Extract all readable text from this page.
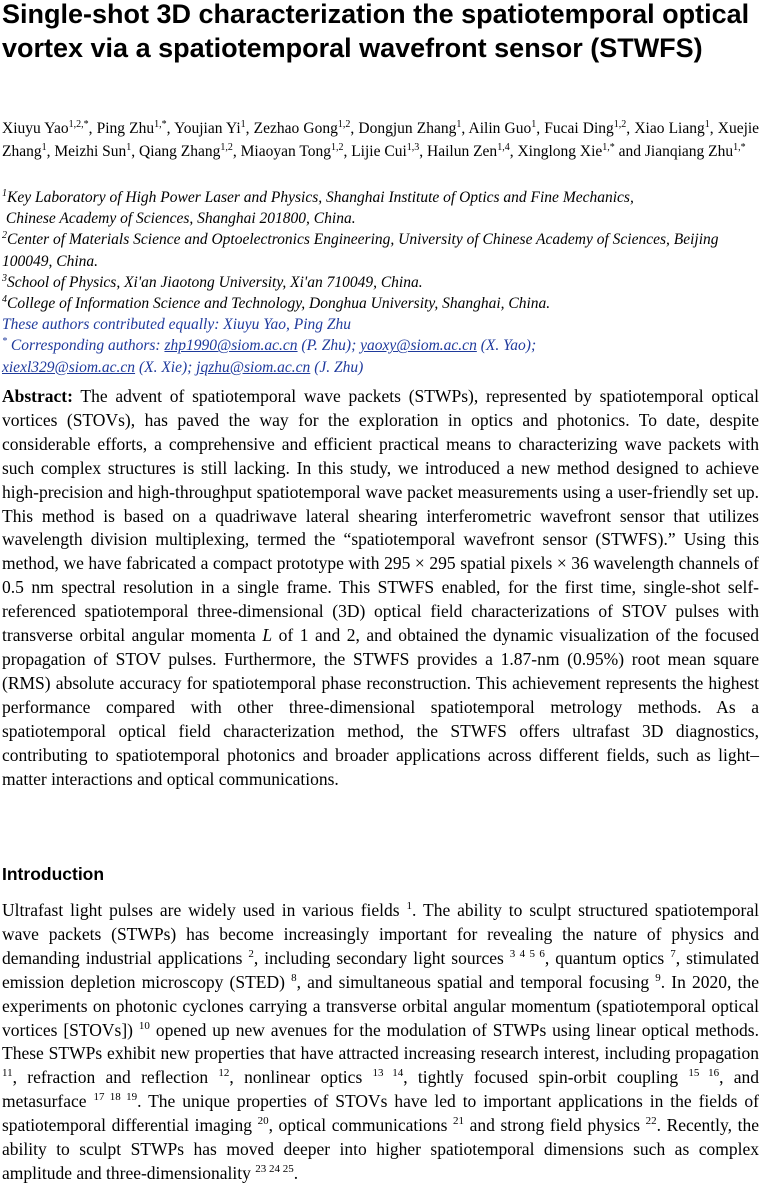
Single-shot 3D characterization the spatiotemporal optical vortex via a spatiotemporal wavefront sensor (STWFS)
Xiuyu Yao$^{1,2,*}$, Ping Zhu$^{1,*}$, Youjian Yi$^1$, Zezhao Gong$^{1,2}$, Dongjun Zhang$^1$, Ailin Guo$^1$, Fucai Ding$^{1,2}$, Xiao Liang$^1$, Xuejie Zhang$^1$, Meizhi Sun$^1$, Qiang Zhang$^{1,2}$, Miaoyan Tong$^{1,2}$, Lijie Cui$^{1,3}$, Hailun Zen$^{1,4}$, Xinglong Xie$^{1,*}$ and Jianqiang Zhu$^{1,*}$
$^1$Key Laboratory of High Power Laser and Physics, Shanghai Institute of Optics and Fine Mechanics,
Chinese Academy of Sciences, Shanghai 201800, China.
$^2$Center of Materials Science and Optoelectronics Engineering, University of Chinese Academy of Sciences, Beijing 100049, China.
$^3$School of Physics, Xi'an Jiaotong University, Xi'an 710049, China.
$^4$College of Information Science and Technology, Donghua University, Shanghai, China.
These authors contributed equally: Xiuyu Yao, Ping Zhu
* Corresponding authors: zhp1990@siom.ac.cn (P. Zhu); yaoxy@siom.ac.cn (X. Yao);
xiexl329@siom.ac.cn (X. Xie); jqzhu@siom.ac.cn (J. Zhu)

Abstract: The advent of spatiotemporal wave packets (STWPs), represented by spatiotemporal optical vortices (STOVs), has paved the way for the exploration in optics and photonics. To date, despite considerable efforts, a comprehensive and efficient practical means to characterizing wave packets with such complex structures is still lacking. In this study, we introduced a new method designed to achieve high-precision and high-throughput spatiotemporal wave packet measurements using a user-friendly set up. This method is based on a quadriwave lateral shearing interferometric wavefront sensor that utilizes wavelength division multiplexing, termed the “spatiotemporal wavefront sensor (STWFS).” Using this method, we have fabricated a compact prototype with 295 × 295 spatial pixels × 36 wavelength channels of 0.5 nm spectral resolution in a single frame. This STWFS enabled, for the first time, single-shot self-referenced spatiotemporal three-dimensional (3D) optical field characterizations of STOV pulses with transverse orbital angular momenta L of 1 and 2, and obtained the dynamic visualization of the focused propagation of STOV pulses. Furthermore, the STWFS provides a 1.87-nm (0.95%) root mean square (RMS) absolute accuracy for spatiotemporal phase reconstruction. This achievement represents the highest performance compared with other three-dimensional spatiotemporal metrology methods. As a spatiotemporal optical field characterization method, the STWFS offers ultrafast 3D diagnostics, contributing to spatiotemporal photonics and broader applications across different fields, such as light–matter interactions and optical communications.

Introduction

Ultrafast light pulses are widely used in various fields $^1$. The ability to sculpt structured spatiotemporal wave packets (STWPs) has become increasingly important for revealing the nature of physics and demanding industrial applications $^2$, including secondary light sources $^{3 4 5 6}$, quantum optics $^7$, stimulated emission depletion microscopy (STED) $^8$, and simultaneous spatial and temporal focusing $^9$. In 2020, the experiments on photonic cyclones carrying a transverse orbital angular momentum (spatiotemporal optical vortices [STOVs]) $^{10}$ opened up new avenues for the modulation of STWPs using linear optical methods. These STWPs exhibit new properties that have attracted increasing research interest, including propagation $^{11}$, refraction and reflection $^{12}$, nonlinear optics $^{13 14}$, tightly focused spin-orbit coupling $^{15 16}$, and metasurface $^{17 18 19}$. The unique properties of STOVs have led to important applications in the fields of spatiotemporal differential imaging $^{20}$, optical communications $^{21}$ and strong field physics $^{22}$. Recently, the ability to sculpt STWPs has moved deeper into higher spatiotemporal dimensions such as complex amplitude and three-dimensionality $^{23 24 25}$.
